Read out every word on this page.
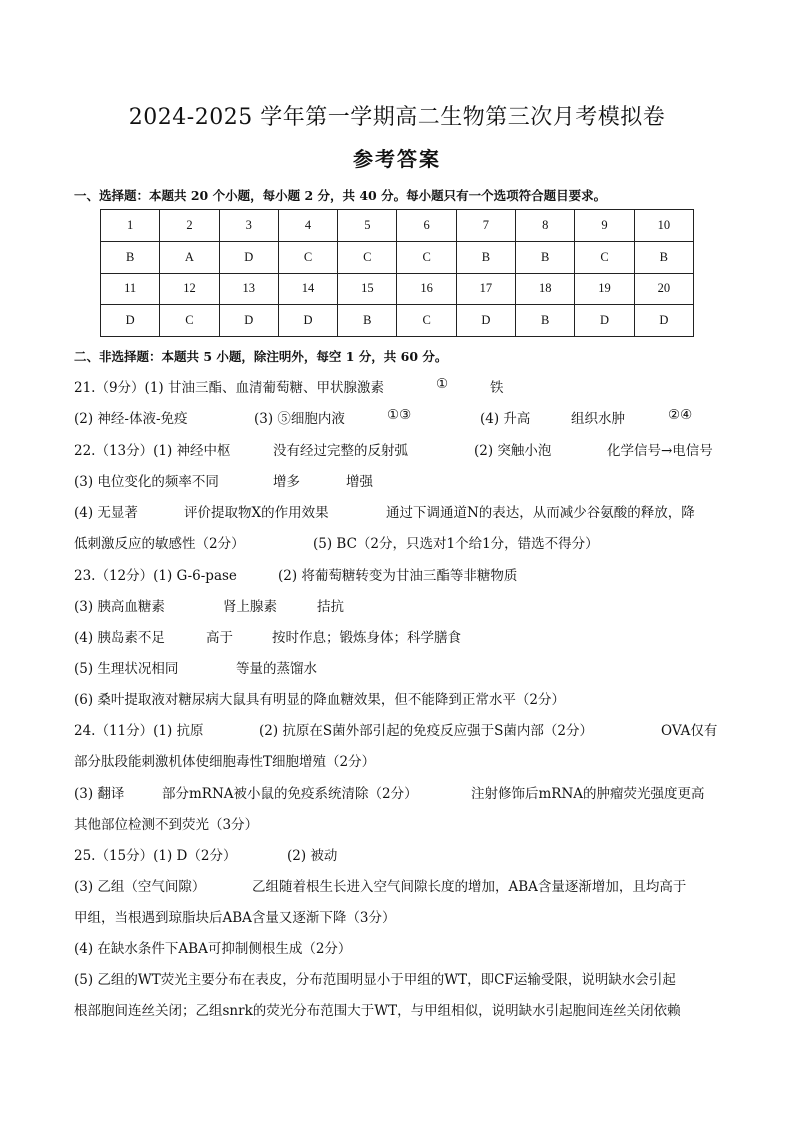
2024-2025 学年第一学期高二生物第三次月考模拟卷
参考答案
一、选择题：本题共 20 个小题，每小题 2 分，共 40 分。每小题只有一个选项符合题目要求。
1	2	3	4	5	6	7	8	9	10
B	A	D	C	C	C	B	B	C	B
11	12	13	14	15	16	17	18	19	20
D	C	D	D	B	C	D	B	D	D
二、非选择题：本题共 5 小题，除注明外，每空 1 分，共 60 分。
21.（9分）(1) 甘油三酯、血清葡萄糖、甲状腺激素	①	铁
(2) 神经-体液-免疫	(3) ⑤细胞内液	①③	(4) 升高	组织水肿	②④
22.（13分）(1) 神经中枢	没有经过完整的反射弧	(2) 突触小泡	化学信号→电信号
(3) 电位变化的频率不同	增多	增强
(4) 无显著	评价提取物X的作用效果	通过下调通道N的表达，从而减少谷氨酸的释放，降
低刺激反应的敏感性（2分）	(5) BC（2分，只选对1个给1分，错选不得分）
23.（12分）(1) G-6-pase	(2) 将葡萄糖转变为甘油三酯等非糖物质
(3) 胰高血糖素	肾上腺素	拮抗
(4) 胰岛素不足	高于	按时作息；锻炼身体；科学膳食
(5) 生理状况相同	等量的蒸馏水
(6) 桑叶提取液对糖尿病大鼠具有明显的降血糖效果，但不能降到正常水平（2分）
24.（11分）(1) 抗原	(2) 抗原在S菌外部引起的免疫反应强于S菌内部（2分）	OVA仅有
部分肽段能刺激机体使细胞毒性T细胞增殖（2分）
(3) 翻译	部分mRNA被小鼠的免疫系统清除（2分）	注射修饰后mRNA的肿瘤荧光强度更高
其他部位检测不到荧光（3分）
25.（15分）(1) D（2分）	(2) 被动
(3) 乙组（空气间隙）	乙组随着根生长进入空气间隙长度的增加，ABA含量逐渐增加，且均高于
甲组，当根遇到琼脂块后ABA含量又逐渐下降（3分）
(4) 在缺水条件下ABA可抑制侧根生成（2分）
(5) 乙组的WT荧光主要分布在表皮，分布范围明显小于甲组的WT，即CF运输受限，说明缺水会引起
根部胞间连丝关闭；乙组snrk的荧光分布范围大于WT，与甲组相似，说明缺水引起胞间连丝关闭依赖
